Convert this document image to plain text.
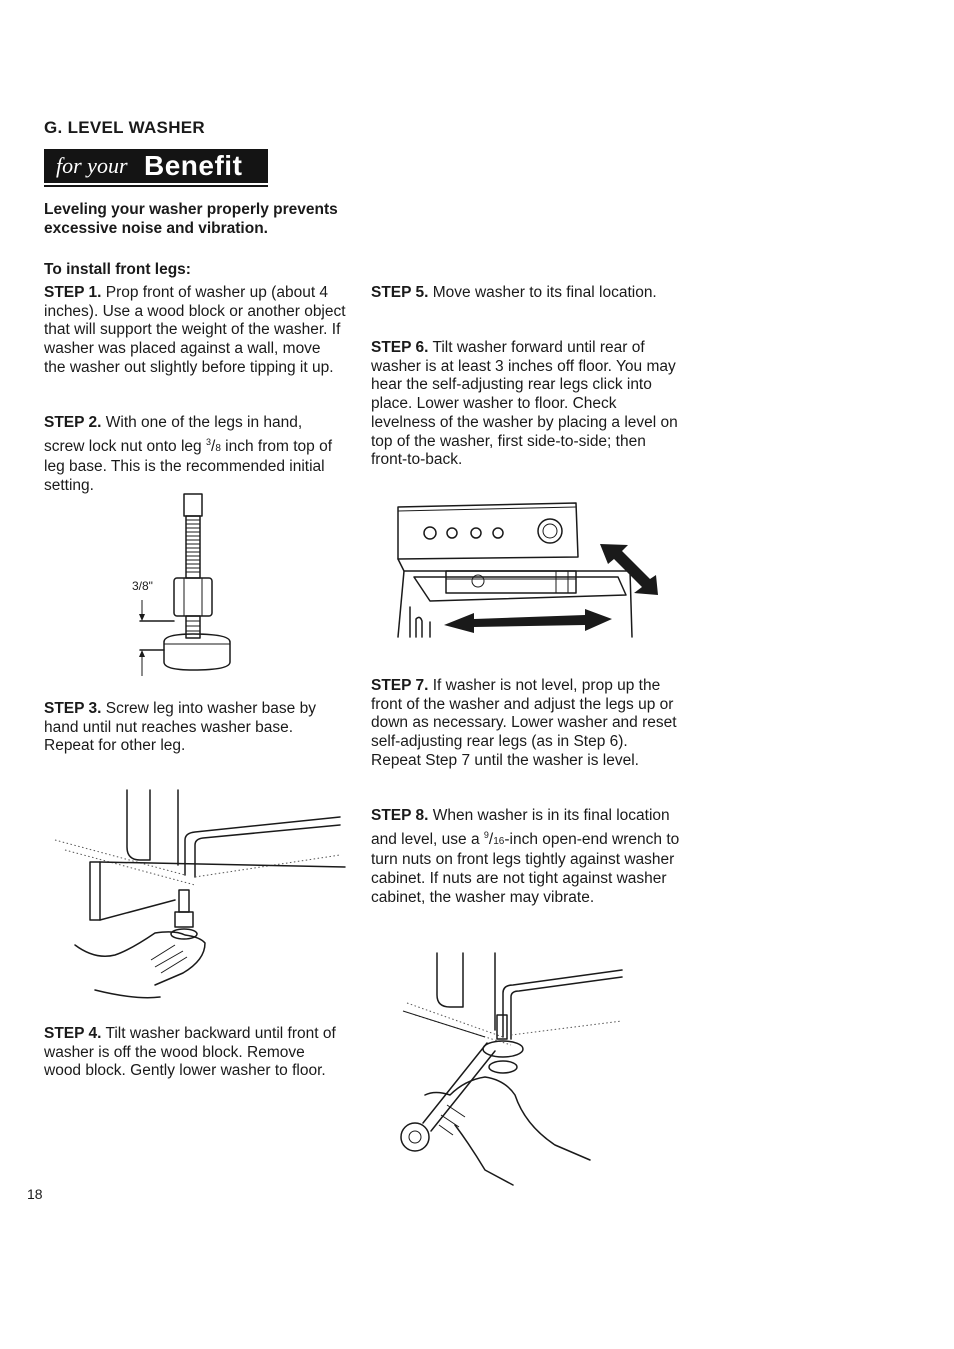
G. LEVEL WASHER
for your Benefit
Leveling your washer properly prevents excessive noise and vibration.
To install front legs:
STEP 1. Prop front of washer up (about 4 inches). Use a wood block or another object that will support the weight of the washer. If washer was placed against a wall, move the washer out slightly before tipping it up.
STEP 2. With one of the legs in hand, screw lock nut onto leg $^3$/8 inch from top of leg base. This is the recommended initial setting.
3/8"
STEP 3. Screw leg into washer base by hand until nut reaches washer base. Repeat for other leg.
STEP 4. Tilt washer backward until front of washer is off the wood block. Remove wood block. Gently lower washer to floor.
STEP 5. Move washer to its final location.
STEP 6. Tilt washer forward until rear of washer is at least 3 inches off floor. You may hear the self-adjusting rear legs click into place. Lower washer to floor. Check levelness of the washer by placing a level on top of the washer, first side-to-side; then front-to-back.
STEP 7. If washer is not level, prop up the front of the washer and adjust the legs up or down as necessary. Lower washer and reset self-adjusting rear legs (as in Step 6). Repeat Step 7 until the washer is level.
STEP 8. When washer is in its final location and level, use a $^9$/16-inch open-end wrench to turn nuts on front legs tightly against washer cabinet. If nuts are not tight against washer cabinet, the washer may vibrate.
18
